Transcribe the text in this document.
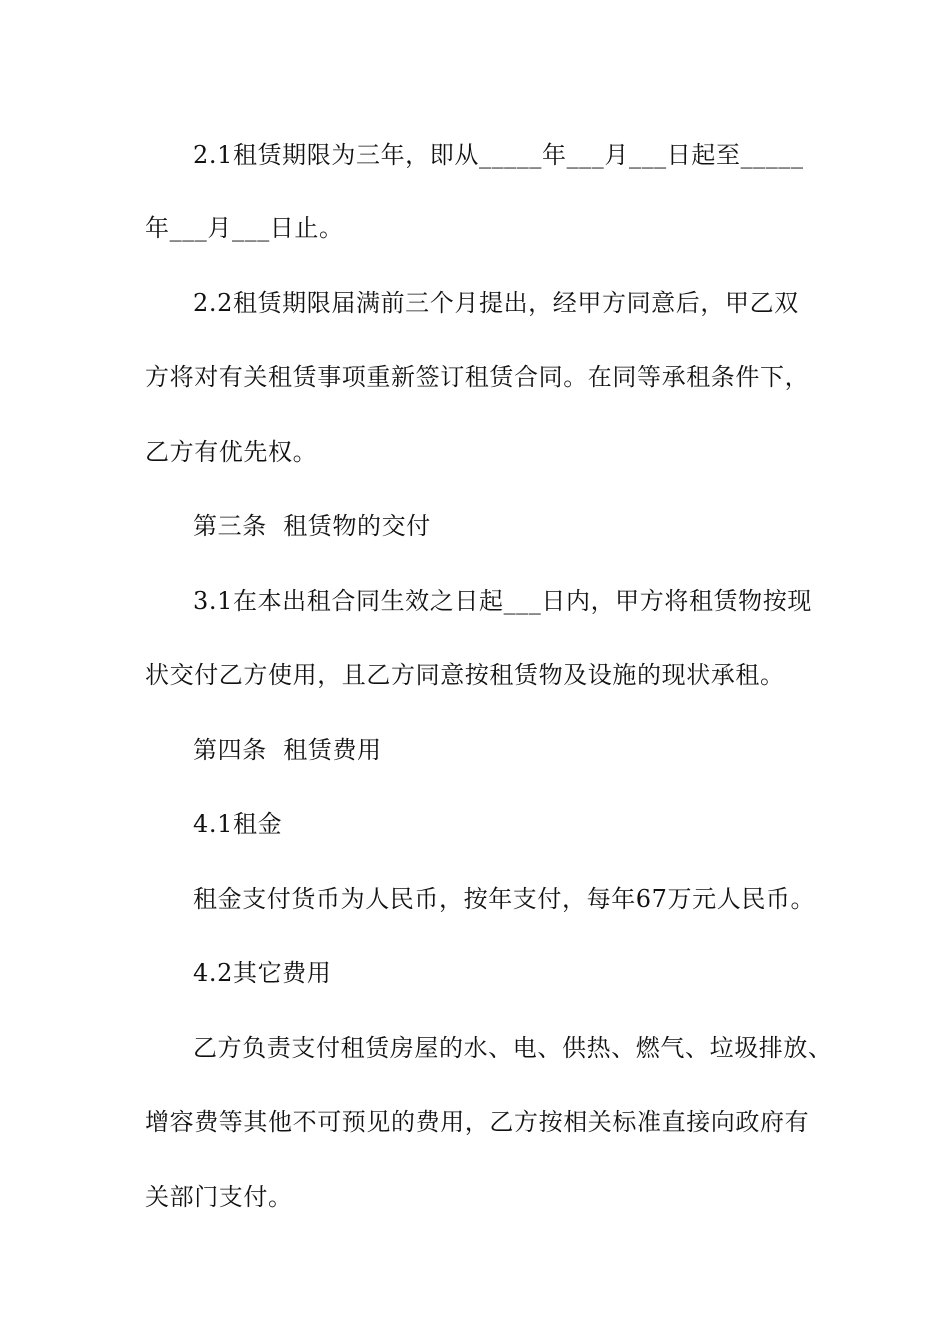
2.1租赁期限为三年，即从_____年___月___日起至_____
年___月___日止。
2.2租赁期限届满前三个月提出，经甲方同意后，甲乙双
方将对有关租赁事项重新签订租赁合同。在同等承租条件下，
乙方有优先权。
第三条  租赁物的交付
3.1在本出租合同生效之日起___日内，甲方将租赁物按现
状交付乙方使用，且乙方同意按租赁物及设施的现状承租。
第四条  租赁费用
4.1租金
租金支付货币为人民币，按年支付，每年67万元人民币。
4.2其它费用
乙方负责支付租赁房屋的水、电、供热、燃气、垃圾排放、
增容费等其他不可预见的费用，乙方按相关标准直接向政府有
关部门支付。
